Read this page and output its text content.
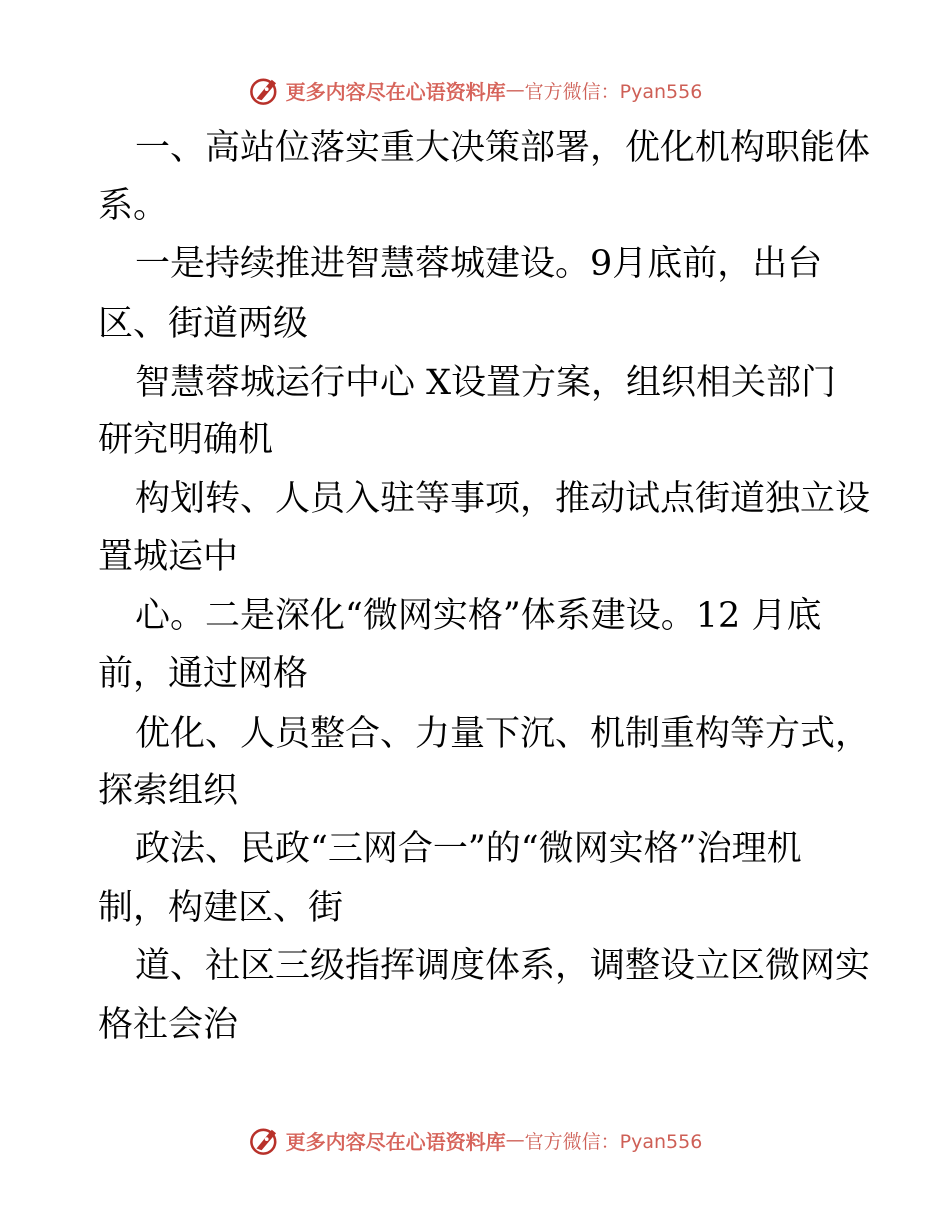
更多内容尽在心语资料库 — 官方微信：Pyan556
一、高站位落实重大决策部署，优化机构职能体
系。
一是持续推进智慧蓉城建设。9月底前，出台
区、街道两级
智慧蓉城运行中心 X设置方案，组织相关部门
研究明确机
构划转、人员入驻等事项，推动试点街道独立设
置城运中
心。二是深化“微网实格”体系建设。12 月底
前，通过网格
优化、人员整合、力量下沉、机制重构等方式，
探索组织
政法、民政“三网合一”的“微网实格”治理机
制，构建区、街
道、社区三级指挥调度体系，调整设立区微网实
格社会治
更多内容尽在心语资料库 — 官方微信：Pyan556
